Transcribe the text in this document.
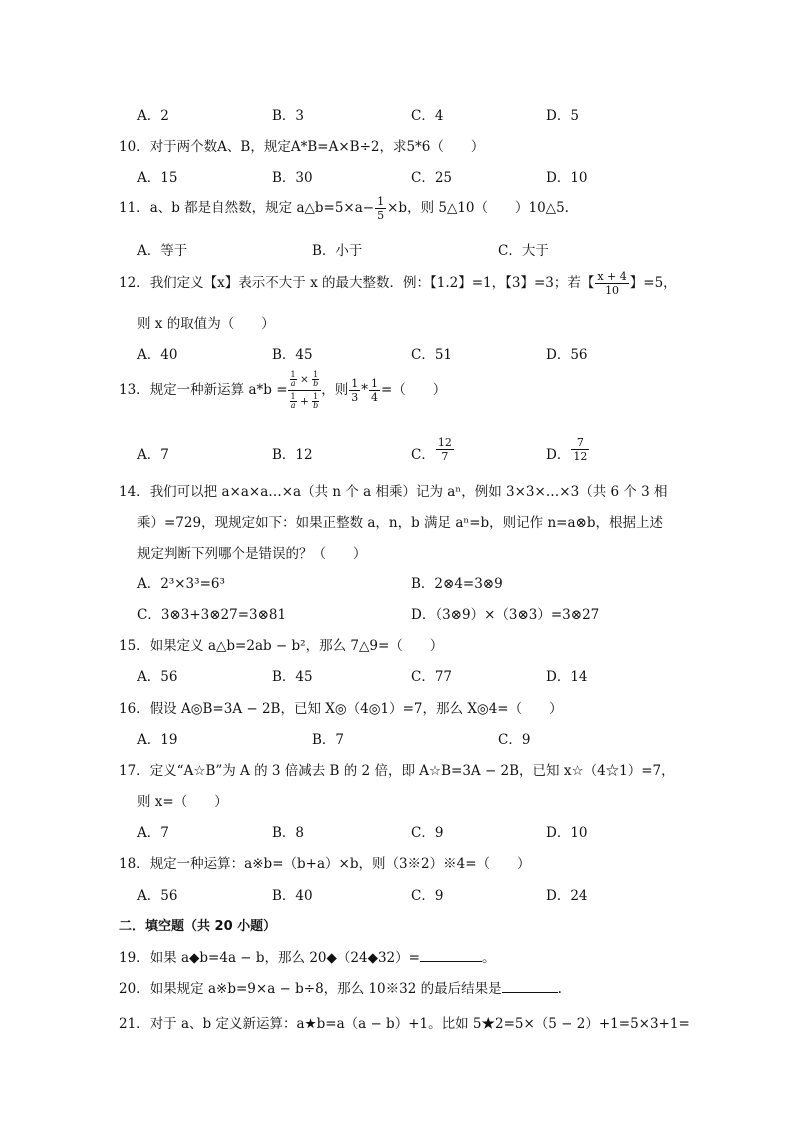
A．2	B．3	C．4	D．5
10．对于两个数A、B，规定A*B=A×B÷2，求5*6（　　）
A．15	B．30	C．25	D．10
11．a、b 都是自然数，规定 a△b=5×a− $\frac{1}{5} \times b$，则 5△10（　　）10△5.
A．等于	B．小于	C．大于
12．我们定义【x】表示不大于 x 的最大整数．例：【1.2】=1，【3】=3；若【 $\frac{x + 4}{10}$ 】=5，
则 x 的取值为（　　）
A．40	B．45	C．51	D．56
13．规定一种新运算 $a*b = \frac{\frac{1}{a} \times \frac{1}{b}}{\frac{1}{a} + \frac{1}{b}}$ ，则 $\frac{1}{3} * \frac{1}{4}$ =（　　）
A．7	B．12	C． $\frac{12}{7}$	D． $\frac{7}{12}$
14．我们可以把 a×a×a…×a（共 n 个 a 相乘）记为 aⁿ，例如 3×3×…×3（共 6 个 3 相
乘）=729，现规定如下：如果正整数 a，n，b 满足 aⁿ=b，则记作 n=a⊗b，根据上述
规定判断下列哪个是错误的？（　　）
A．2³×3³=6³	B．2⊗4=3⊗9
C．3⊗3+3⊗27=3⊗81	D．（3⊗9）×（3⊗3）=3⊗27
15．如果定义 a△b=2ab − b²，那么 7△9=（　　）
A．56	B．45	C．77	D．14
16．假设 A◎B=3A − 2B，已知 X◎（4◎1）=7，那么 X◎4=（　　）
A．19	B．7	C．9
17．定义“A☆B”为 A 的 3 倍减去 B 的 2 倍，即 A☆B=3A − 2B，已知 x☆（4☆1）=7，
则 x=（　　）
A．7	B．8	C．9	D．10
18．规定一种运算：a※b=（b+a）×b，则（3※2）※4=（　　）
A．56	B．40	C．9	D．24
二．填空题（共 20 小题）
19．如果 a◆b=4a − b，那么 20◆（24◆32）=	。
20．如果规定 a※b=9×a − b÷8，那么 10※32 的最后结果是	.
21．对于 a、b 定义新运算：a★b=a（a − b）+1。比如 5★2=5×（5 − 2）+1=5×3+1=
